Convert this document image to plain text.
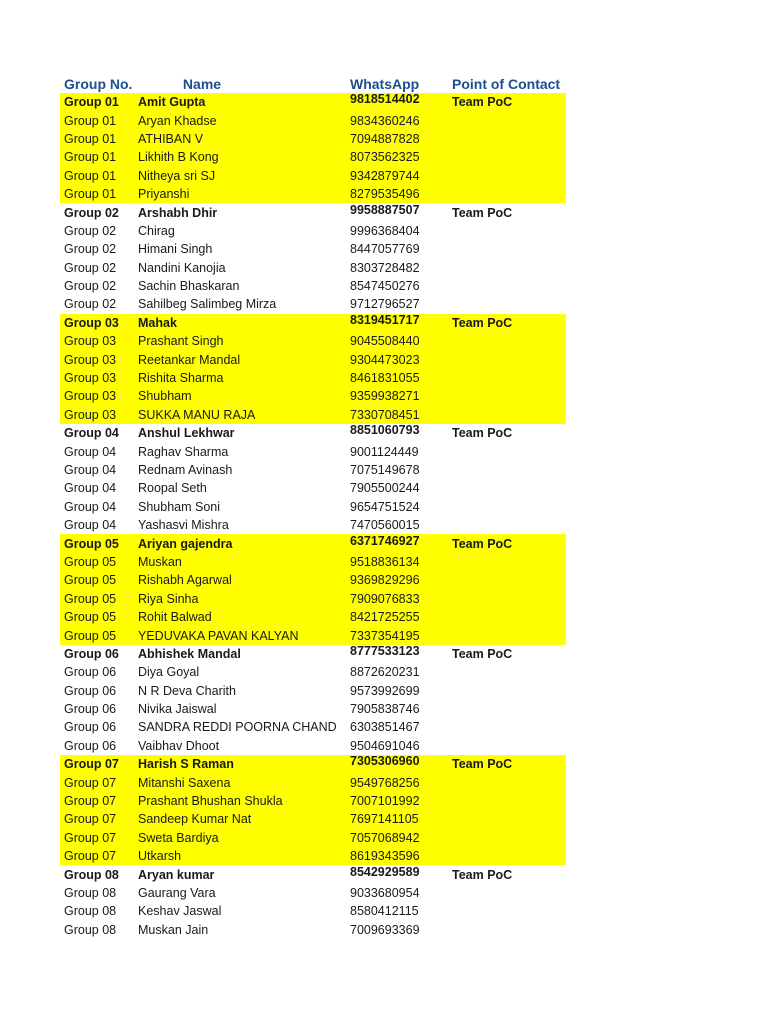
Group No.	Name	WhatsApp	Point of Contact
Group 01	Amit Gupta	9818514402	Team PoC
Group 01	Aryan Khadse	9834360246
Group 01	ATHIBAN V	7094887828
Group 01	Likhith B Kong	8073562325
Group 01	Nitheya sri SJ	9342879744
Group 01	Priyanshi	8279535496
Group 02	Arshabh Dhir	9958887507	Team PoC
Group 02	Chirag	9996368404
Group 02	Himani Singh	8447057769
Group 02	Nandini Kanojia	8303728482
Group 02	Sachin Bhaskaran	8547450276
Group 02	Sahilbeg Salimbeg Mirza	9712796527
Group 03	Mahak	8319451717	Team PoC
Group 03	Prashant Singh	9045508440
Group 03	Reetankar Mandal	9304473023
Group 03	Rishita Sharma	8461831055
Group 03	Shubham	9359938271
Group 03	SUKKA MANU RAJA	7330708451
Group 04	Anshul Lekhwar	8851060793	Team PoC
Group 04	Raghav Sharma	9001124449
Group 04	Rednam Avinash	7075149678
Group 04	Roopal Seth	7905500244
Group 04	Shubham Soni	9654751524
Group 04	Yashasvi Mishra	7470560015
Group 05	Ariyan gajendra	6371746927	Team PoC
Group 05	Muskan	9518836134
Group 05	Rishabh Agarwal	9369829296
Group 05	Riya Sinha	7909076833
Group 05	Rohit Balwad	8421725255
Group 05	YEDUVAKA PAVAN KALYAN	7337354195
Group 06	Abhishek Mandal	8777533123	Team PoC
Group 06	Diya Goyal	8872620231
Group 06	N R Deva Charith	9573992699
Group 06	Nivika Jaiswal	7905838746
Group 06	SANDRA REDDI POORNA CHAND	6303851467
Group 06	Vaibhav Dhoot	9504691046
Group 07	Harish S Raman	7305306960	Team PoC
Group 07	Mitanshi Saxena	9549768256
Group 07	Prashant Bhushan Shukla	7007101992
Group 07	Sandeep Kumar Nat	7697141105
Group 07	Sweta Bardiya	7057068942
Group 07	Utkarsh	8619343596
Group 08	Aryan kumar	8542929589	Team PoC
Group 08	Gaurang Vara	9033680954
Group 08	Keshav Jaswal	8580412115
Group 08	Muskan Jain	7009693369
